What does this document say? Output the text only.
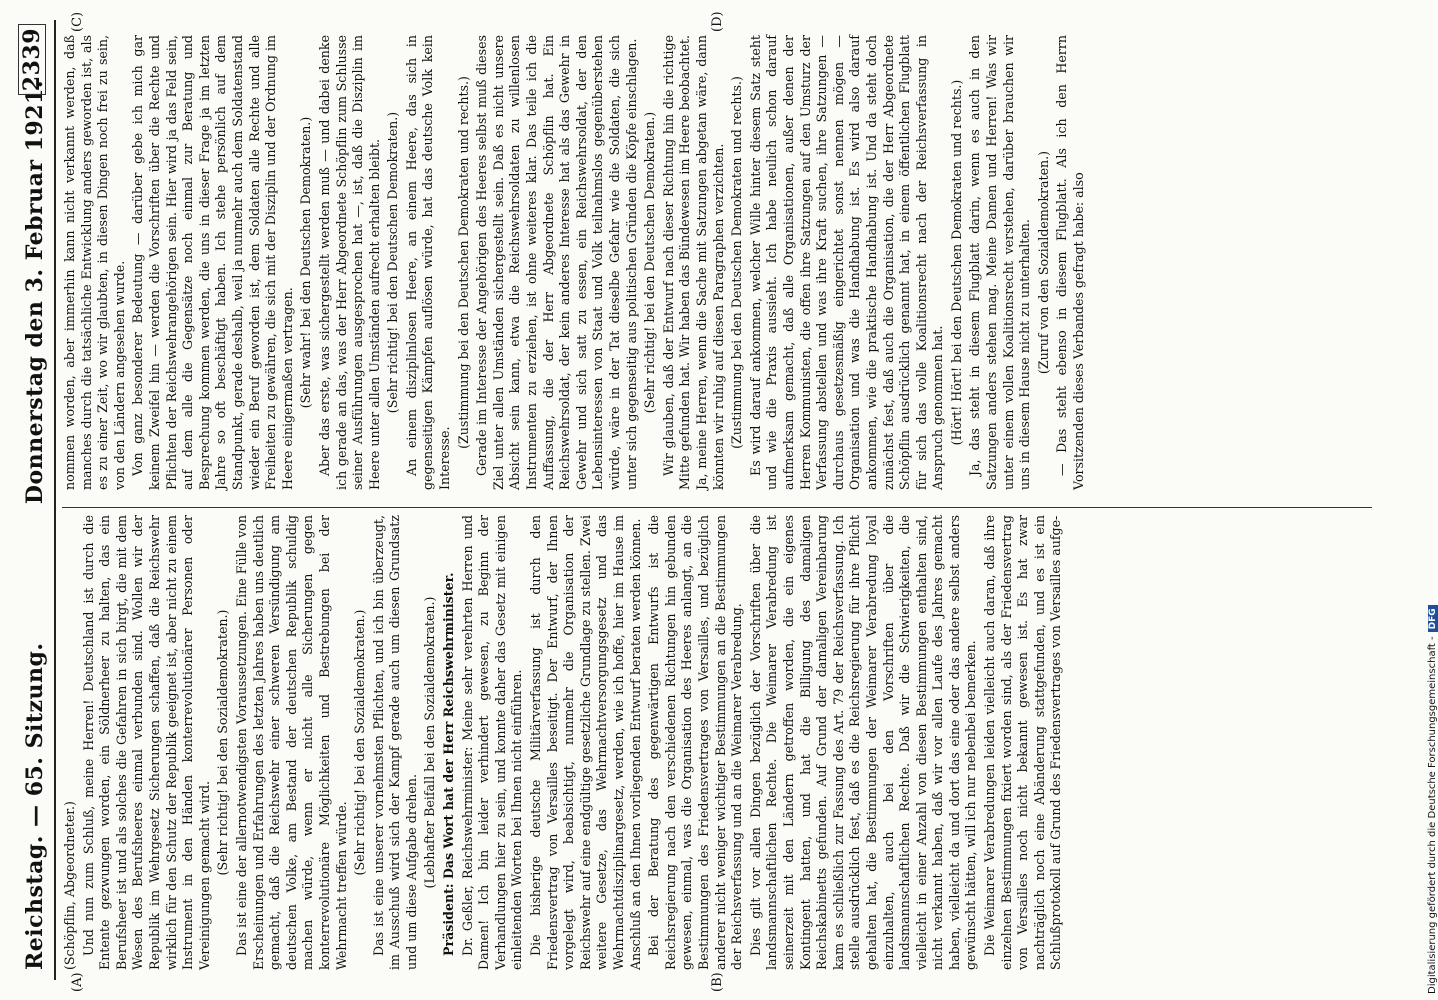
Reichstag. — 65. Sitzung.
Donnerstag den 3. Februar 1921.
2339

(Schöpflin, Abgeordneter.) Und nun zum Schluß, meine Herren! Deutschland ist durch die Entente gezwungen worden, ein Söldnerheer zu halten, das ein Berufsheer ist und als solches die Gefahren in sich birgt, die mit dem Wesen des Berufsheeres einmal verbunden sind. Wollen wir der Republik im Wehrgesetz Sicherungen schaffen, daß die Reichswehr wirklich für den Schutz der Republik geeignet ist, aber nicht zu einem Instrument in den Händen konterrevolutionärer Personen oder Vereinigungen gemacht wird.

(Sehr richtig! bei den Sozialdemokraten.) Das ist eine der allernotwendigsten Voraussetzungen. Eine Fülle von Erscheinungen und Erfahrungen des letzten Jahres haben uns deutlich gemacht, daß die Reichswehr einer schweren Versündigung am deutschen Volke, am Bestand der deutschen Republik schuldig machen würde, wenn er nicht alle Sicherungen gegen konterrevolutionäre Möglichkeiten und Bestrebungen bei der Wehrmacht treffen würde.

(Sehr richtig! bei den Sozialdemokraten.) Das ist eine unserer vornehmsten Pflichten, und ich bin überzeugt, im Ausschuß wird sich der Kampf gerade auch um diesen Grundsatz und um diese Aufgabe drehen. (Lebhafter Beifall bei den Sozialdemokraten.) Präsident: Das Wort hat der Herr Reichswehrminister. Dr. Geßler, Reichswehrminister: Meine sehr verehrten Herren und Damen! Ich bin leider verhindert gewesen, zu Beginn der Verhandlungen hier zu sein, und konnte daher das Gesetz mit einigen einleitenden Worten bei Ihnen nicht einführen. Die bisherige deutsche Militärverfassung ist durch den Friedensvertrag von Versailles beseitigt. Der Entwurf, der Ihnen vorgelegt wird, beabsichtigt, nunmehr die Organisation der Reichswehr auf eine endgültige gesetzliche Grundlage zu stellen. Zwei weitere Gesetze, das Wehrmachtversorgungsgesetz und das Wehrmachtdisziplinargesetz, werden, wie ich hoffe, hier im Hause im Anschluß an den Ihnen vorliegenden Entwurf beraten werden können. Bei der Beratung des gegenwärtigen Entwurfs ist die Reichsregierung nach den verschiedenen Richtungen hin gebunden gewesen, einmal, was die Organisation des Heeres anlangt, an die Bestimmungen des Friedensvertrages von Versailles, und bezüglich anderer nicht weniger wichtiger Bestimmungen an die Bestimmungen der Reichsverfassung und an die Weimarer Verabredung. Dies gilt vor allen Dingen bezüglich der Vorschriften über die landsmannschaftlichen Rechte. Die Weimarer Verabredung ist seinerzeit mit den Ländern getroffen worden, die ein eigenes Kontingent hatten, und hat die Billigung des damaligen Reichskabinetts gefunden. Auf Grund der damaligen Vereinbarung kam es schließlich zur Fassung des Art. 79 der Reichsverfassung. Ich stelle ausdrücklich fest, daß es die Reichsregierung für ihre Pflicht gehalten hat, die Bestimmungen der Weimarer Verabredung loyal einzuhalten, auch bei den Vorschriften über die landsmannschaftlichen Rechte. Daß wir die Schwierigkeiten, die vielleicht in einer Anzahl von diesen Bestimmungen enthalten sind, nicht verkannt haben, daß wir vor allen Laufe des Jahres gemacht haben, vielleicht da und dort das eine oder das andere selbst anders gewünscht hätten, will ich nur nebenbei bemerken. Die Weimarer Verabredungen leiden vielleicht auch daran, daß ihre einzelnen Bestimmungen fixiert worden sind, als der Friedensvertrag von Versailles noch nicht bekannt gewesen ist. Es hat zwar nachträglich noch eine Abänderung stattgefunden, und es ist ein Schlußprotokoll auf Grund des Friedensvertrages von Versailles aufge-

nommen worden, aber immerhin kann nicht verkannt werden, daß manches durch die tatsächliche Entwicklung anders geworden ist, als es zu einer Zeit, wo wir glaubten, in diesen Dingen noch frei zu sein, von den Ländern angesehen wurde. Von ganz besonderer Bedeutung — darüber gebe ich mich gar keinem Zweifel hin — werden die Vorschriften über die Rechte und Pflichten der Reichswehrangehörigen sein. Hier wird ja das Feld sein, auf dem alle die Gegensätze noch einmal zur Beratung und Besprechung kommen werden, die uns in dieser Frage ja im letzten Jahre so oft beschäftigt haben. Ich stehe persönlich auf dem Standpunkt, gerade deshalb, weil ja nunmehr auch dem Soldatenstand wieder ein Beruf geworden ist, dem Soldaten alle Rechte und alle Freiheiten zu gewähren, die sich mit der Disziplin und der Ordnung im Heere einigermaßen vertragen. (Sehr wahr! bei den Deutschen Demokraten.) Aber das erste, was sichergestellt werden muß — und dabei denke ich gerade an das, was der Herr Abgeordnete Schöpflin zum Schlusse seiner Ausführungen ausgesprochen hat —, ist, daß die Disziplin im Heere unter allen Umständen aufrecht erhalten bleibt. (Sehr richtig! bei den Deutschen Demokraten.) An einem disziplinlosen Heere, an einem Heere, das sich in gegenseitigen Kämpfen auflösen würde, hat das deutsche Volk kein Interesse.

(Zustimmung bei den Deutschen Demokraten und rechts.) Gerade im Interesse der Angehörigen des Heeres selbst muß dieses Ziel unter allen Umständen sichergestellt sein. Daß es nicht unsere Absicht sein kann, etwa die Reichswehrsoldaten zu willenlosen Instrumenten zu erziehen, ist ohne weiteres klar. Das teile ich die Auffassung, die der Herr Abgeordnete Schöpflin hat. Ein Reichswehrsoldat, der kein anderes Interesse hat als das Gewehr in Gewehr und sich satt zu essen, ein Reichswehrsoldat, der den Lebensinteressen von Staat und Volk teilnahmslos gegenüberstehen würde, wäre in der Tat dieselbe Gefahr wie die Soldaten, die sich unter sich gegenseitig aus politischen Gründen die Köpfe einschlagen. (Sehr richtig! bei den Deutschen Demokraten.) Wir glauben, daß der Entwurf nach dieser Richtung hin die richtige Mitte gefunden hat. Wir haben das Bündewesen im Heere beobachtet. Ja, meine Herren, wenn die Sache mit Satzungen abgetan wäre, dann könnten wir ruhig auf diesen Paragraphen verzichten. (Zustimmung bei den Deutschen Demokraten und rechts.) Es wird darauf ankommen, welcher Wille hinter diesem Satz steht und wie die Praxis aussieht. Ich habe neulich schon darauf aufmerksam gemacht, daß alle Organisationen, außer denen der Herren Kommunisten, die offen ihre Satzungen auf den Umsturz der Verfassung abstellen und was ihre Kraft suchen, ihre Satzungen — durchaus gesetzesmäßig eingerichtet sonst nennen mögen — Organisation und was die Handhabung ist. Es wird also darauf ankommen, wie die praktische Handhabung ist. Und da steht doch zunächst fest, daß auch die Organisation, die der Herr Abgeordnete Schöpflin ausdrücklich genannt hat, in einem öffentlichen Flugblatt für sich das volle Koalitionsrecht nach der Reichsverfassung in Anspruch genommen hat. (Hört! Hört! bei den Deutschen Demokraten und rechts.) Ja, das steht in diesem Flugblatt darin, wenn es auch in den Satzungen anders stehen mag. Meine Damen und Herren! Was wir unter einem vollen Koalitionsrecht verstehen, darüber brauchen wir uns in diesem Hause nicht zu unterhalten. (Zuruf von den Sozialdemokraten.) — Das steht ebenso in diesem Flugblatt. Als ich den Herrn Vorsitzenden dieses Verbandes gefragt habe: also

(A)	(B)
(C)	(D)
Digitalisierung gefördert durch die Deutsche Forschungsgemeinschaft -DFG
